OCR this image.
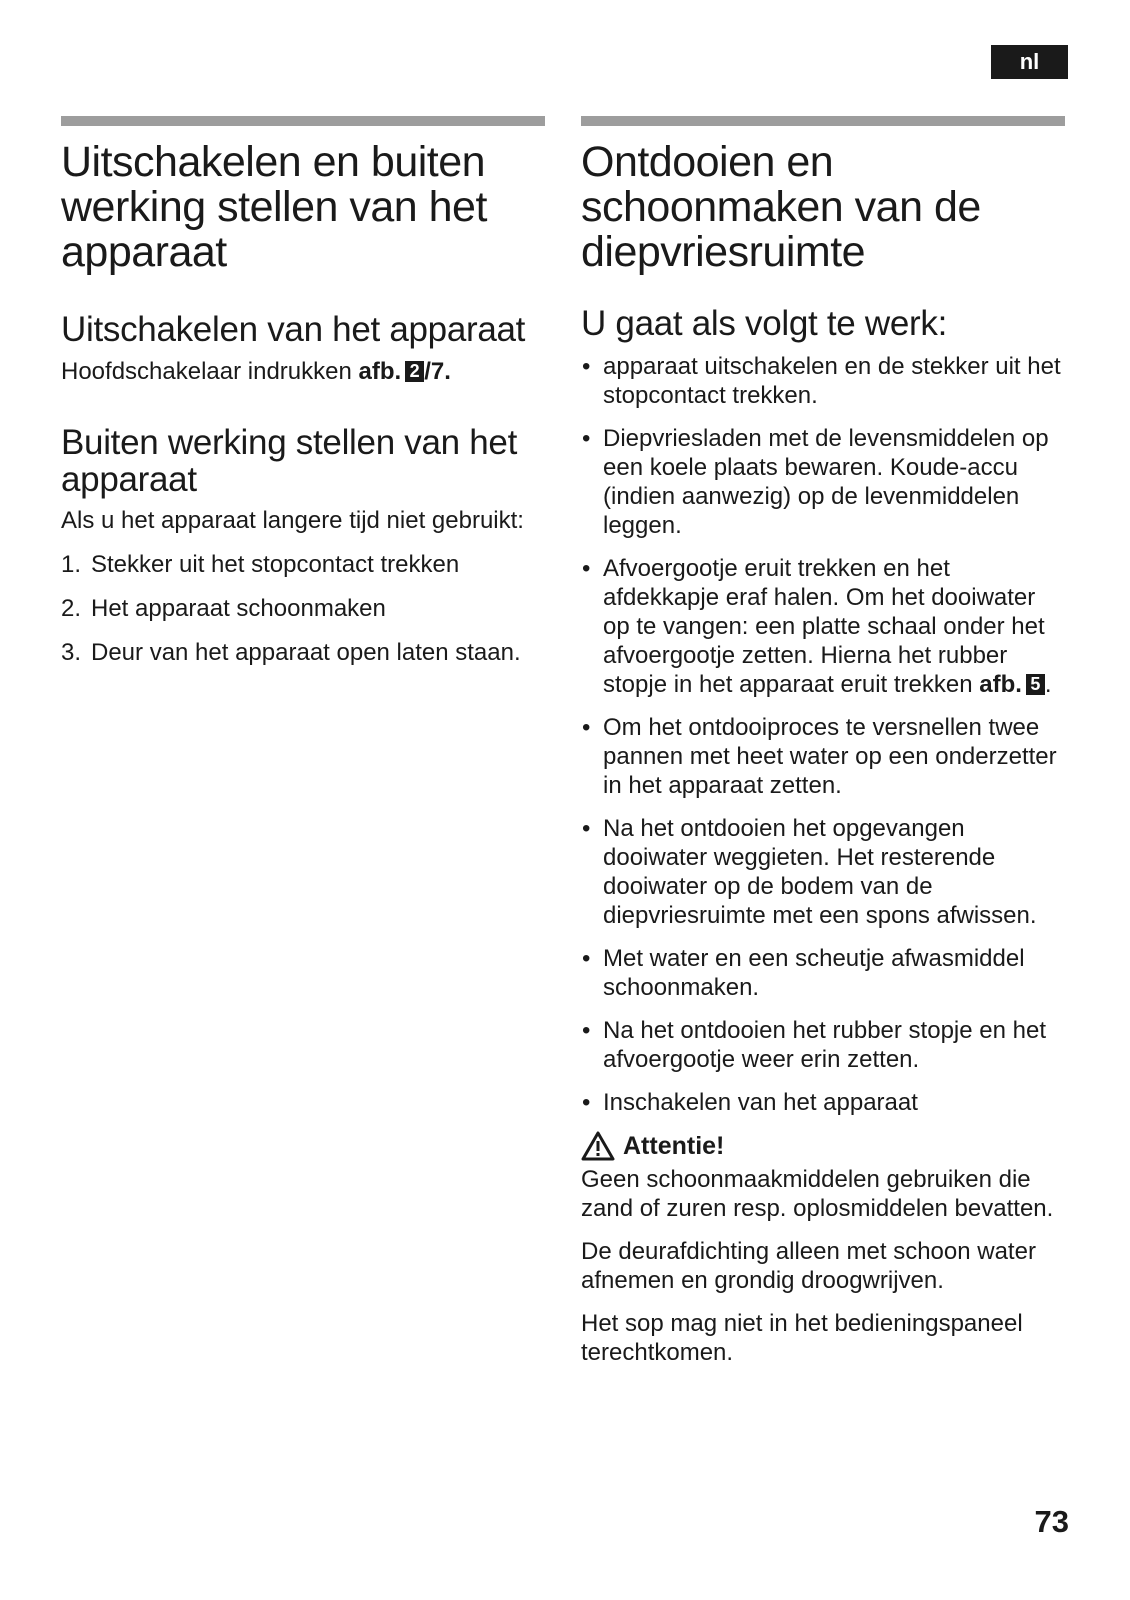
nl
Uitschakelen en buiten werking stellen van het apparaat
Uitschakelen van het apparaat

Hoofdschakelaar indrukken afb. 2 /7.

Buiten werking stellen van het apparaat

Als u het apparaat langere tijd niet gebruikt:

1. Stekker uit het stopcontact trekken
2. Het apparaat schoonmaken
3. Deur van het apparaat open laten staan.
Ontdooien en schoonmaken van de diepvriesruimte
U gaat als volgt te werk:
• apparaat uitschakelen en de stekker uit het stopcontact trekken.
• Diepvriesladen met de levensmiddelen op een koele plaats bewaren. Koude-accu (indien aanwezig) op de levenmiddelen leggen.
• Afvoergootje eruit trekken en het afdekkapje eraf halen. Om het dooiwater op te vangen: een platte schaal onder het afvoergootje zetten. Hierna het rubber stopje in het apparaat eruit trekken afb. 5 .
• Om het ontdooiproces te versnellen twee pannen met heet water op een onderzetter in het apparaat zetten.
• Na het ontdooien het opgevangen dooiwater weggieten. Het resterende dooiwater op de bodem van de diepvriesruimte met een spons afwissen.
• Met water en een scheutje afwasmiddel schoonmaken.
• Na het ontdooien het rubber stopje en het afvoergootje weer erin zetten.
• Inschakelen van het apparaat
Attentie!

Geen schoonmaakmiddelen gebruiken die zand of zuren resp. oplosmiddelen bevatten.

De deurafdichting alleen met schoon water afnemen en grondig droogwrijven.

Het sop mag niet in het bedieningspaneel terechtkomen.

73
